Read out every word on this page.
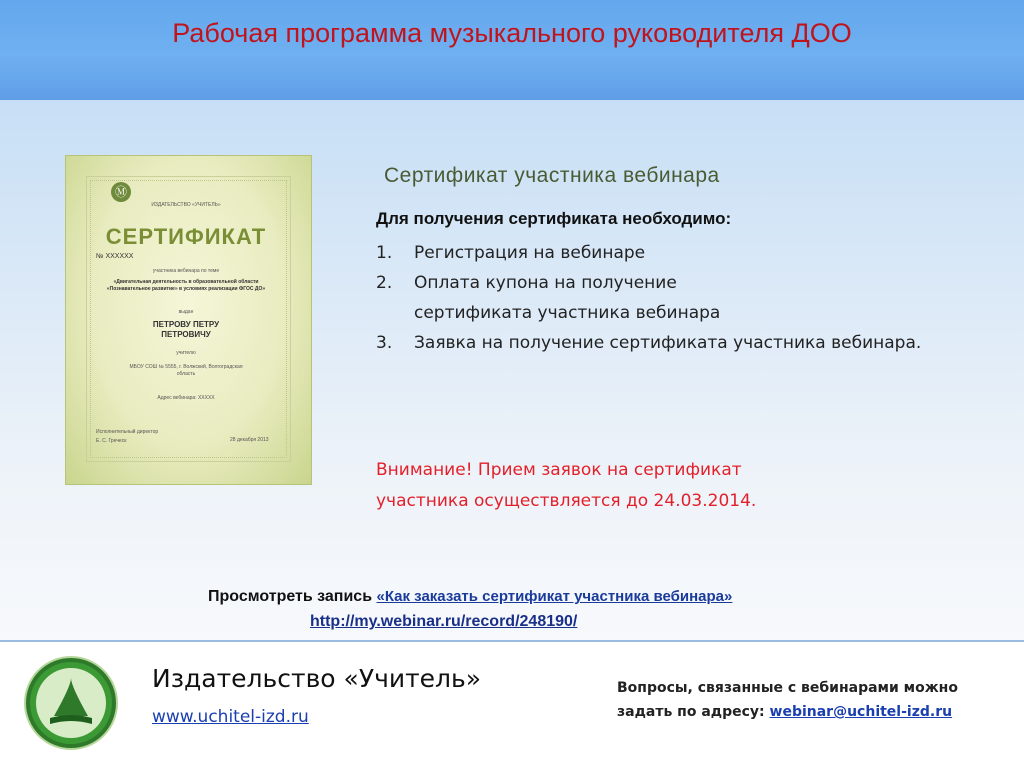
Рабочая программа музыкального руководителя ДОО
Ⓜ
ИЗДАТЕЛЬСТВО «УЧИТЕЛЬ»
СЕРТИФИКАТ
№ XXXXXX
участника вебинара по теме
«Двигательная деятельность в образовательной области «Познавательное развитие» в условиях реализации ФГОС ДО»
выдан
ПЕТРОВУ ПЕТРУ ПЕТРОВИЧУ
учителю
МБОУ СОШ № 5555, г. Волжский, Волгоградская область
Адрес вебинара: XXXXX
Исполнительный директор
Е. С. Греческ	28 декабря 2013
Сертификат участника вебинара
Для получения сертификата необходимо:
1. Регистрация на вебинаре
2. Оплата купона на получение сертификата участника вебинара
3. Заявка на получение сертификата участника вебинара.
Внимание! Прием заявок на сертификат участника осуществляется до 24.03.2014.
Просмотреть запись «Как заказать сертификат участника вебинара»
http://my.webinar.ru/record/248190/
Издательство «Учитель»
www.uchitel-izd.ru
Вопросы, связанные с вебинарами можно задать по адресу: webinar@uchitel-izd.ru
